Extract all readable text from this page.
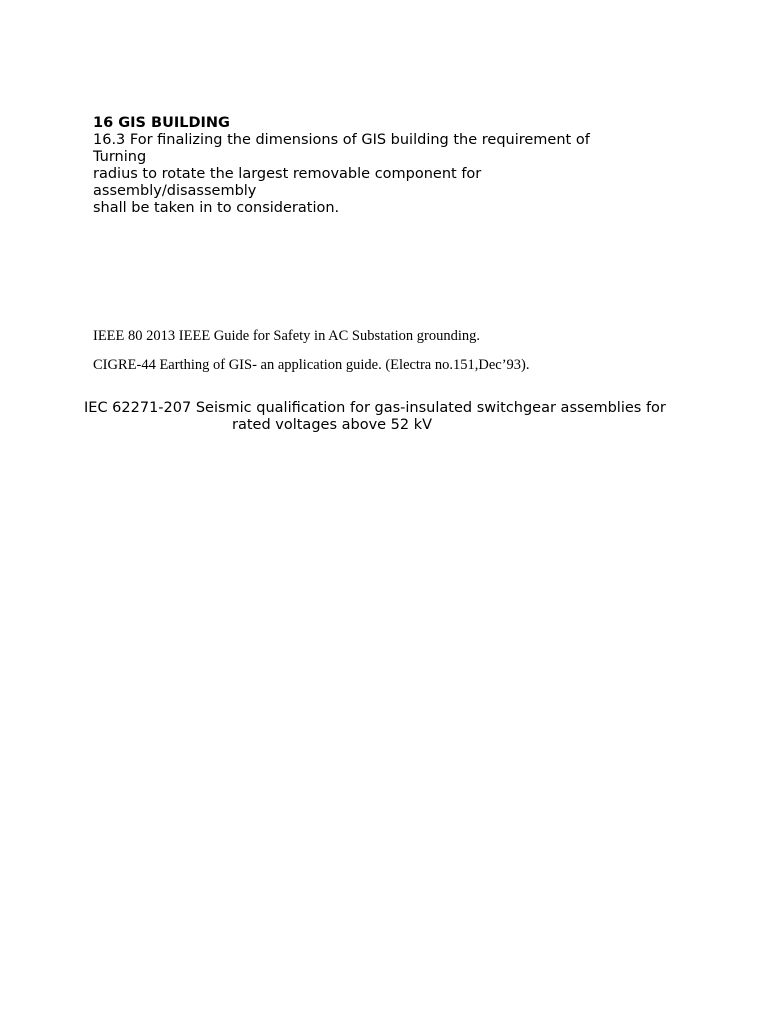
16 GIS BUILDING
16.3 For finalizing the dimensions of GIS building the requirement of
Turning
radius to rotate the largest removable component for
assembly/disassembly
shall be taken in to consideration.
IEEE 80 2013 IEEE Guide for Safety in AC Substation grounding.
CIGRE-44 Earthing of GIS- an application guide. (Electra no.151,Dec’93).
IEC 62271-207 Seismic qualification for gas-insulated switchgear assemblies for
rated voltages above 52 kV
